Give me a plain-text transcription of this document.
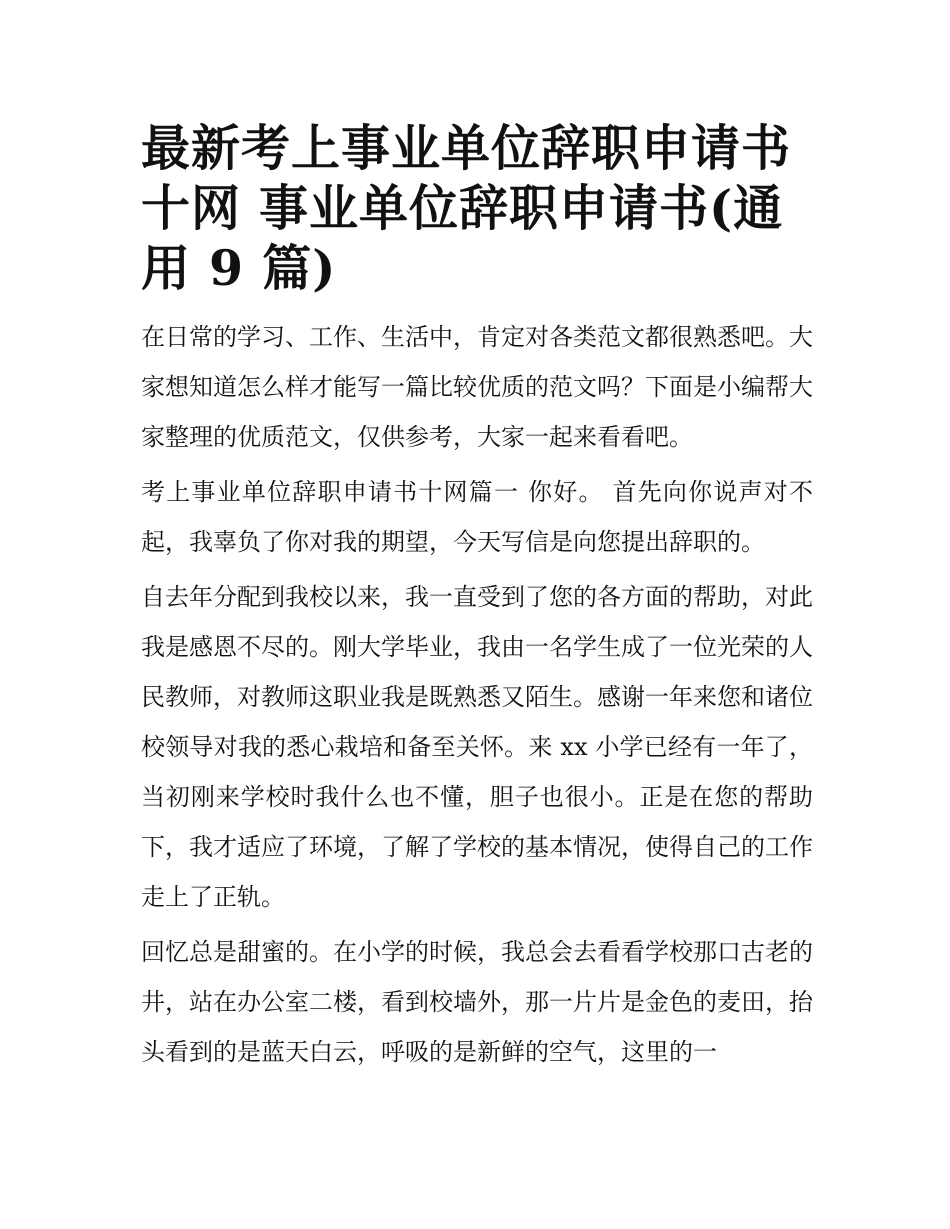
最新考上事业单位辞职申请书十网 事业单位辞职申请书(通用 9 篇)

在日常的学习、工作、生活中，肯定对各类范文都很熟悉吧。大家想知道怎么样才能写一篇比较优质的范文吗？下面是小编帮大家整理的优质范文，仅供参考，大家一起来看看吧。

考上事业单位辞职申请书十网篇一 你好。 首先向你说声对不起，我辜负了你对我的期望，今天写信是向您提出辞职的。

自去年分配到我校以来，我一直受到了您的各方面的帮助，对此我是感恩不尽的。刚大学毕业，我由一名学生成了一位光荣的人民教师，对教师这职业我是既熟悉又陌生。感谢一年来您和诸位校领导对我的悉心栽培和备至关怀。来 xx 小学已经有一年了，当初刚来学校时我什么也不懂，胆子也很小。正是在您的帮助下，我才适应了环境，了解了学校的基本情况，使得自己的工作走上了正轨。

回忆总是甜蜜的。在小学的时候，我总会去看看学校那口古老的井，站在办公室二楼，看到校墙外，那一片片是金色的麦田，抬头看到的是蓝天白云，呼吸的是新鲜的空气，这里的一
